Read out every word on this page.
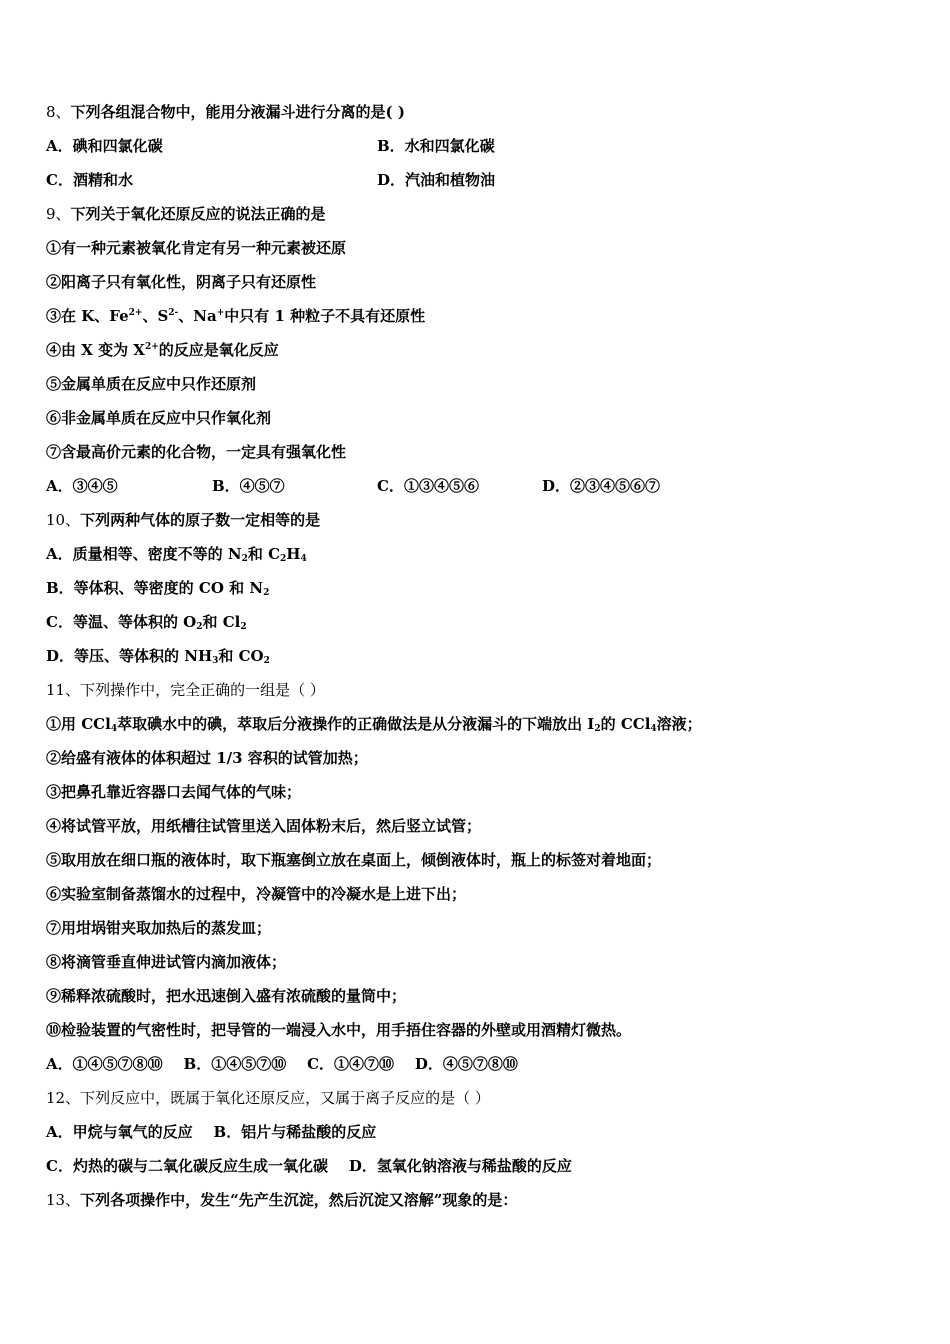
8、下列各组混合物中，能用分液漏斗进行分离的是( )
A．碘和四氯化碳	B．水和四氯化碳
C．酒精和水	D．汽油和植物油
9、下列关于氧化还原反应的说法正确的是
①有一种元素被氧化肯定有另一种元素被还原
②阳离子只有氧化性，阴离子只有还原性
③在 K、$Fe^{2+}$、$S^{2-}$、Na+中只有 1 种粒子不具有还原性
④由 X 变为 $X^{2+}$的反应是氧化反应
⑤金属单质在反应中只作还原剂
⑥非金属单质在反应中只作氧化剂
⑦含最高价元素的化合物，一定具有强氧化性
A．③④⑤	B．④⑤⑦	C．①③④⑤⑥	D．②③④⑤⑥⑦
10、下列两种气体的原子数一定相等的是
A．质量相等、密度不等的 $N_2$和 $C_2H_4$
B．等体积、等密度的 CO 和 $N_2$
C．等温、等体积的 $O_2$和 $Cl_2$
D．等压、等体积的 $NH_3$和 $CO_2$
11、下列操作中，完全正确的一组是（ ）
①用 CCl$_4$萃取碘水中的碘，萃取后分液操作的正确做法是从分液漏斗的下端放出 $I_2$的 CCl$_4$溶液；
②给盛有液体的体积超过 1/3 容积的试管加热；
③把鼻孔靠近容器口去闻气体的气味；
④将试管平放，用纸槽往试管里送入固体粉末后，然后竖立试管；
⑤取用放在细口瓶的液体时，取下瓶塞倒立放在桌面上，倾倒液体时，瓶上的标签对着地面；
⑥实验室制备蒸馏水的过程中，冷凝管中的冷凝水是上进下出；
⑦用坩埚钳夹取加热后的蒸发皿；
⑧将滴管垂直伸进试管内滴加液体；
⑨稀释浓硫酸时，把水迅速倒入盛有浓硫酸的量筒中；
⑩检验装置的气密性时，把导管的一端浸入水中，用手捂住容器的外壁或用酒精灯微热。
A．①④⑤⑦⑧⑩    B．①④⑤⑦⑩    C．①④⑦⑩    D．④⑤⑦⑧⑩
12、下列反应中，既属于氧化还原反应，又属于离子反应的是（ ）
A．甲烷与氧气的反应    B．铝片与稀盐酸的反应
C．灼热的碳与二氧化碳反应生成一氧化碳    D．氢氧化钠溶液与稀盐酸的反应
13、下列各项操作中，发生“先产生沉淀，然后沉淀又溶解”现象的是：
